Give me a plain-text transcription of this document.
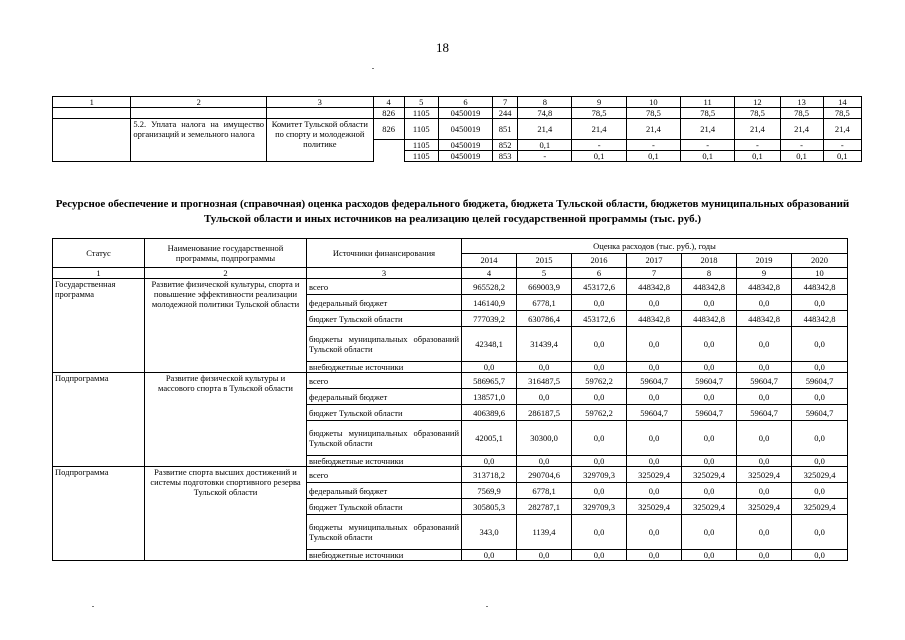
18
1	2	3	4	5	6	7	8	9	10	11	12	13	14
			826	1105	0450019	244	74,8	78,5	78,5	78,5	78,5	78,5	78,5
	5.2. Уплата налога на имущество организаций и земельного налога	Комитет Тульской области по спорту и молодежной политике	826	1105	0450019	851	21,4	21,4	21,4	21,4	21,4	21,4	21,4
				1105	0450019	852	0,1	-	-	-	-	-	-
				1105	0450019	853	-	0,1	0,1	0,1	0,1	0,1	0,1
Ресурсное обеспечение и прогнозная (справочная) оценка расходов федерального бюджета, бюджета Тульской области, бюджетов муниципальных образований Тульской области и иных источников на реализацию целей государственной программы (тыс. руб.)
Статус	Наименование государственной программы, подпрограммы	Источники финансирования	Оценка расходов (тыс. руб.), годы						
			2014	2015	2016	2017	2018	2019	2020
1	2	3	4	5	6	7	8	9	10
Государственная программа	Развитие физической культуры, спорта и повышение эффективности реализации молодежной политики Тульской области	всего	965528,2	669003,9	453172,6	448342,8	448342,8	448342,8	448342,8
		федеральный бюджет	146140,9	6778,1	0,0	0,0	0,0	0,0	0,0
		бюджет Тульской области	777039,2	630786,4	453172,6	448342,8	448342,8	448342,8	448342,8
		бюджеты муниципальных образований Тульской области	42348,1	31439,4	0,0	0,0	0,0	0,0	0,0
		внебюджетные источники	0,0	0,0	0,0	0,0	0,0	0,0	0,0
Подпрограмма	Развитие физической культуры и массового спорта в Тульской области	всего	586965,7	316487,5	59762,2	59604,7	59604,7	59604,7	59604,7
		федеральный бюджет	138571,0	0,0	0,0	0,0	0,0	0,0	0,0
		бюджет Тульской области	406389,6	286187,5	59762,2	59604,7	59604,7	59604,7	59604,7
		бюджеты муниципальных образований Тульской области	42005,1	30300,0	0,0	0,0	0,0	0,0	0,0
		внебюджетные источники	0,0	0,0	0,0	0,0	0,0	0,0	0,0
Подпрограмма	Развитие спорта высших достижений и системы подготовки спортивного резерва Тульской области	всего	313718,2	290704,6	329709,3	325029,4	325029,4	325029,4	325029,4
		федеральный бюджет	7569,9	6778,1	0,0	0,0	0,0	0,0	0,0
		бюджет Тульской области	305805,3	282787,1	329709,3	325029,4	325029,4	325029,4	325029,4
		бюджеты муниципальных образований Тульской области	343,0	1139,4	0,0	0,0	0,0	0,0	0,0
		внебюджетные источники	0,0	0,0	0,0	0,0	0,0	0,0	0,0
